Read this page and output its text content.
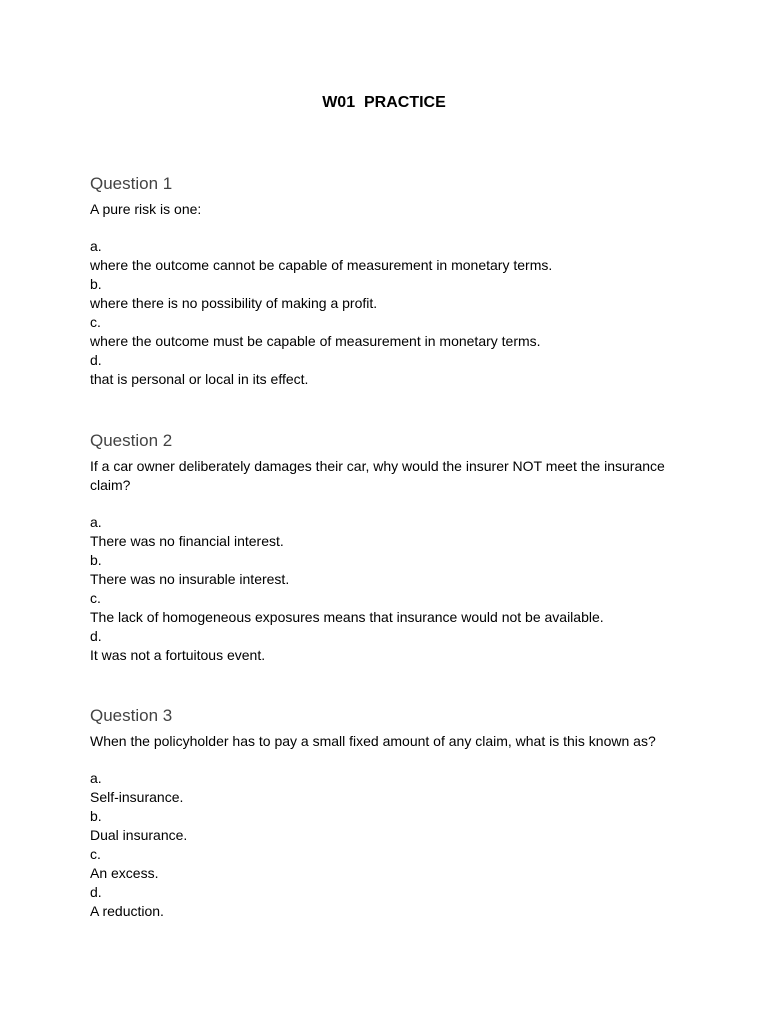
W01  PRACTICE
Question 1

A pure risk is one:

a.

where the outcome cannot be capable of measurement in monetary terms.

b.

where there is no possibility of making a profit.

c.

where the outcome must be capable of measurement in monetary terms.

d.

that is personal or local in its effect.

Question 2

If a car owner deliberately damages their car, why would the insurer NOT meet the insurance claim?

a.

There was no financial interest.

b.

There was no insurable interest.

c.

The lack of homogeneous exposures means that insurance would not be available.

d.

It was not a fortuitous event.

Question 3

When the policyholder has to pay a small fixed amount of any claim, what is this known as?

a.

Self-insurance.

b.

Dual insurance.

c.

An excess.

d.

A reduction.
